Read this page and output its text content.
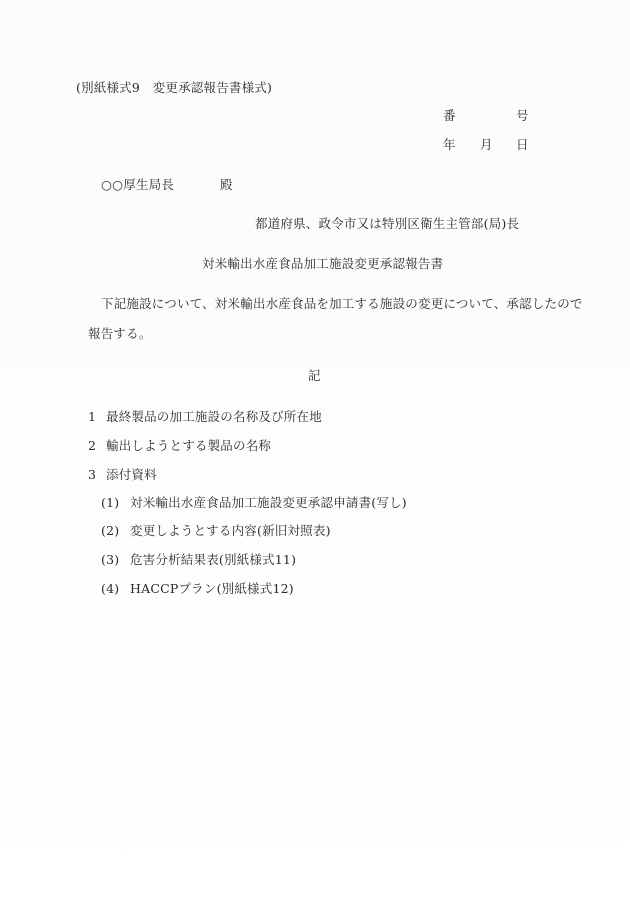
(別紙様式9　変更承認報告書様式)
番	号
年 月 日
○○厚生局長	殿
都道府県、政令市又は特別区衛生主管部(局)長
対米輸出水産食品加工施設変更承認報告書
下記施設について、対米輸出水産食品を加工する施設の変更について、承認したので
報告する。
記
1 最終製品の加工施設の名称及び所在地
2 輸出しようとする製品の名称
3 添付資料
(1) 対米輸出水産食品加工施設変更承認申請書(写し)
(2) 変更しようとする内容(新旧対照表)
(3) 危害分析結果表(別紙様式11)
(4) HACCPプラン(別紙様式12)
